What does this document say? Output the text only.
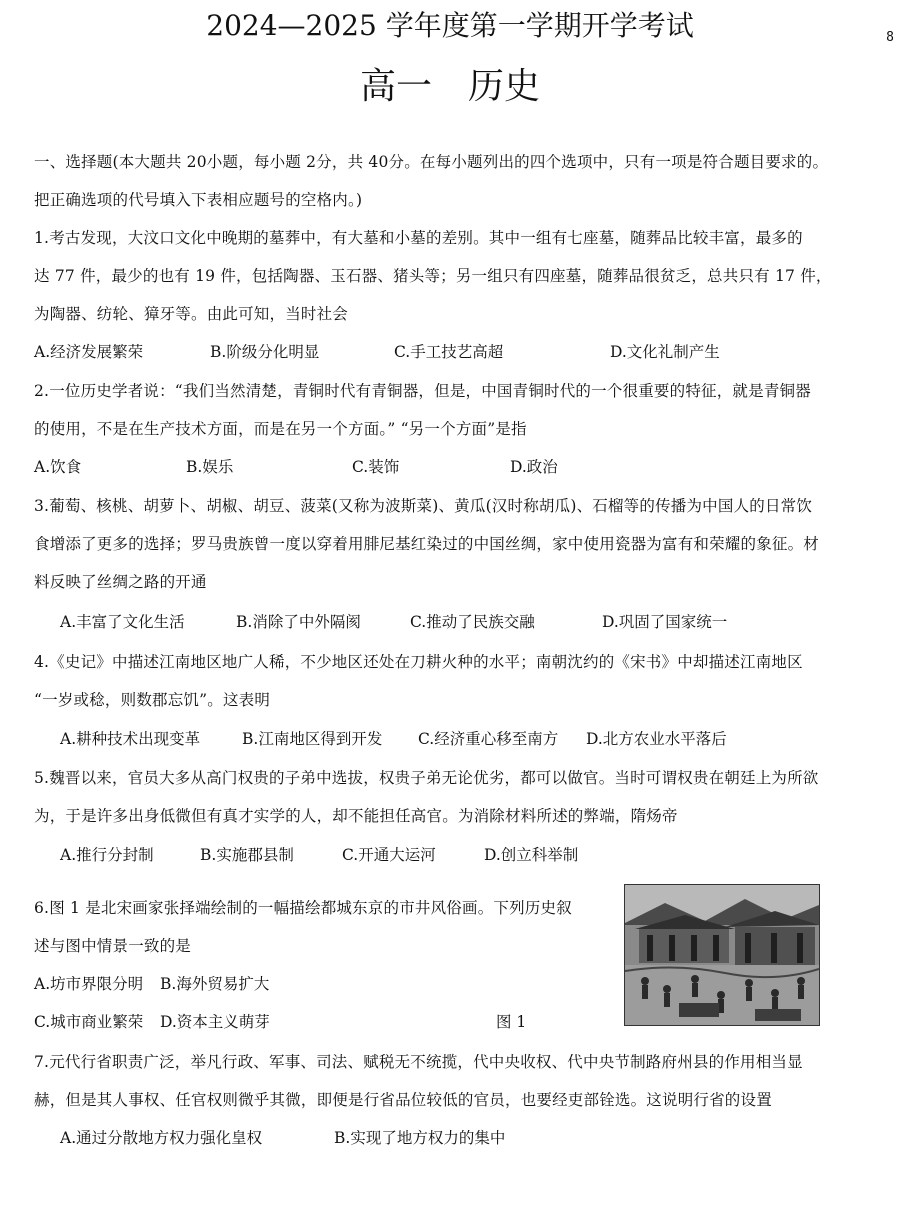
2024—2025 学年度第一学期开学考试
高一　历史
8
一、选择题(本大题共 20小题，每小题 2分，共 40分。在每小题列出的四个选项中，只有一项是符合题目要求的。
把正确选项的代号填入下表相应题号的空格内。)
1.考古发现，大汶口文化中晚期的墓葬中，有大墓和小墓的差别。其中一组有七座墓，随葬品比较丰富，最多的
达 77 件，最少的也有 19 件，包括陶器、玉石器、猪头等；另一组只有四座墓，随葬品很贫乏，总共只有 17 件，
为陶器、纺轮、獐牙等。由此可知，当时社会
A.经济发展繁荣	B.阶级分化明显	C.手工技艺高超	D.文化礼制产生
2.一位历史学者说：“我们当然清楚，青铜时代有青铜器，但是，中国青铜时代的一个很重要的特征，就是青铜器
的使用，不是在生产技术方面，而是在另一个方面。” “另一个方面”是指
A.饮食	B.娱乐	C.装饰	D.政治
3.葡萄、核桃、胡萝卜、胡椒、胡豆、菠菜(又称为波斯菜)、黄瓜(汉时称胡瓜)、石榴等的传播为中国人的日常饮
食增添了更多的选择；罗马贵族曾一度以穿着用腓尼基红染过的中国丝绸，家中使用瓷器为富有和荣耀的象征。材
料反映了丝绸之路的开通
A.丰富了文化生活	B.消除了中外隔阂	C.推动了民族交融	D.巩固了国家统一
4.《史记》中描述江南地区地广人稀，不少地区还处在刀耕火种的水平；南朝沈约的《宋书》中却描述江南地区
“一岁或稔，则数郡忘饥”。这表明
A.耕种技术出现变革	B.江南地区得到开发 C.经济重心移至南方 D.北方农业水平落后
5.魏晋以来，官员大多从高门权贵的子弟中选拔，权贵子弟无论优劣，都可以做官。当时可谓权贵在朝廷上为所欲
为，于是许多出身低微但有真才实学的人，却不能担任高官。为消除材料所述的弊端，隋炀帝
A.推行分封制	B.实施郡县制	C.开通大运河	D.创立科举制
6.图 1 是北宋画家张择端绘制的一幅描绘都城东京的市井风俗画。下列历史叙
述与图中情景一致的是
A.坊市界限分明 B.海外贸易扩大
C.城市商业繁荣 D.资本主义萌芽	图 1
7.元代行省职责广泛，举凡行政、军事、司法、赋税无不统揽，代中央收权、代中央节制路府州县的作用相当显
赫，但是其人事权、任官权则微乎其微，即便是行省品位较低的官员，也要经吏部铨选。这说明行省的设置
A.通过分散地方权力强化皇权	B.实现了地方权力的集中
